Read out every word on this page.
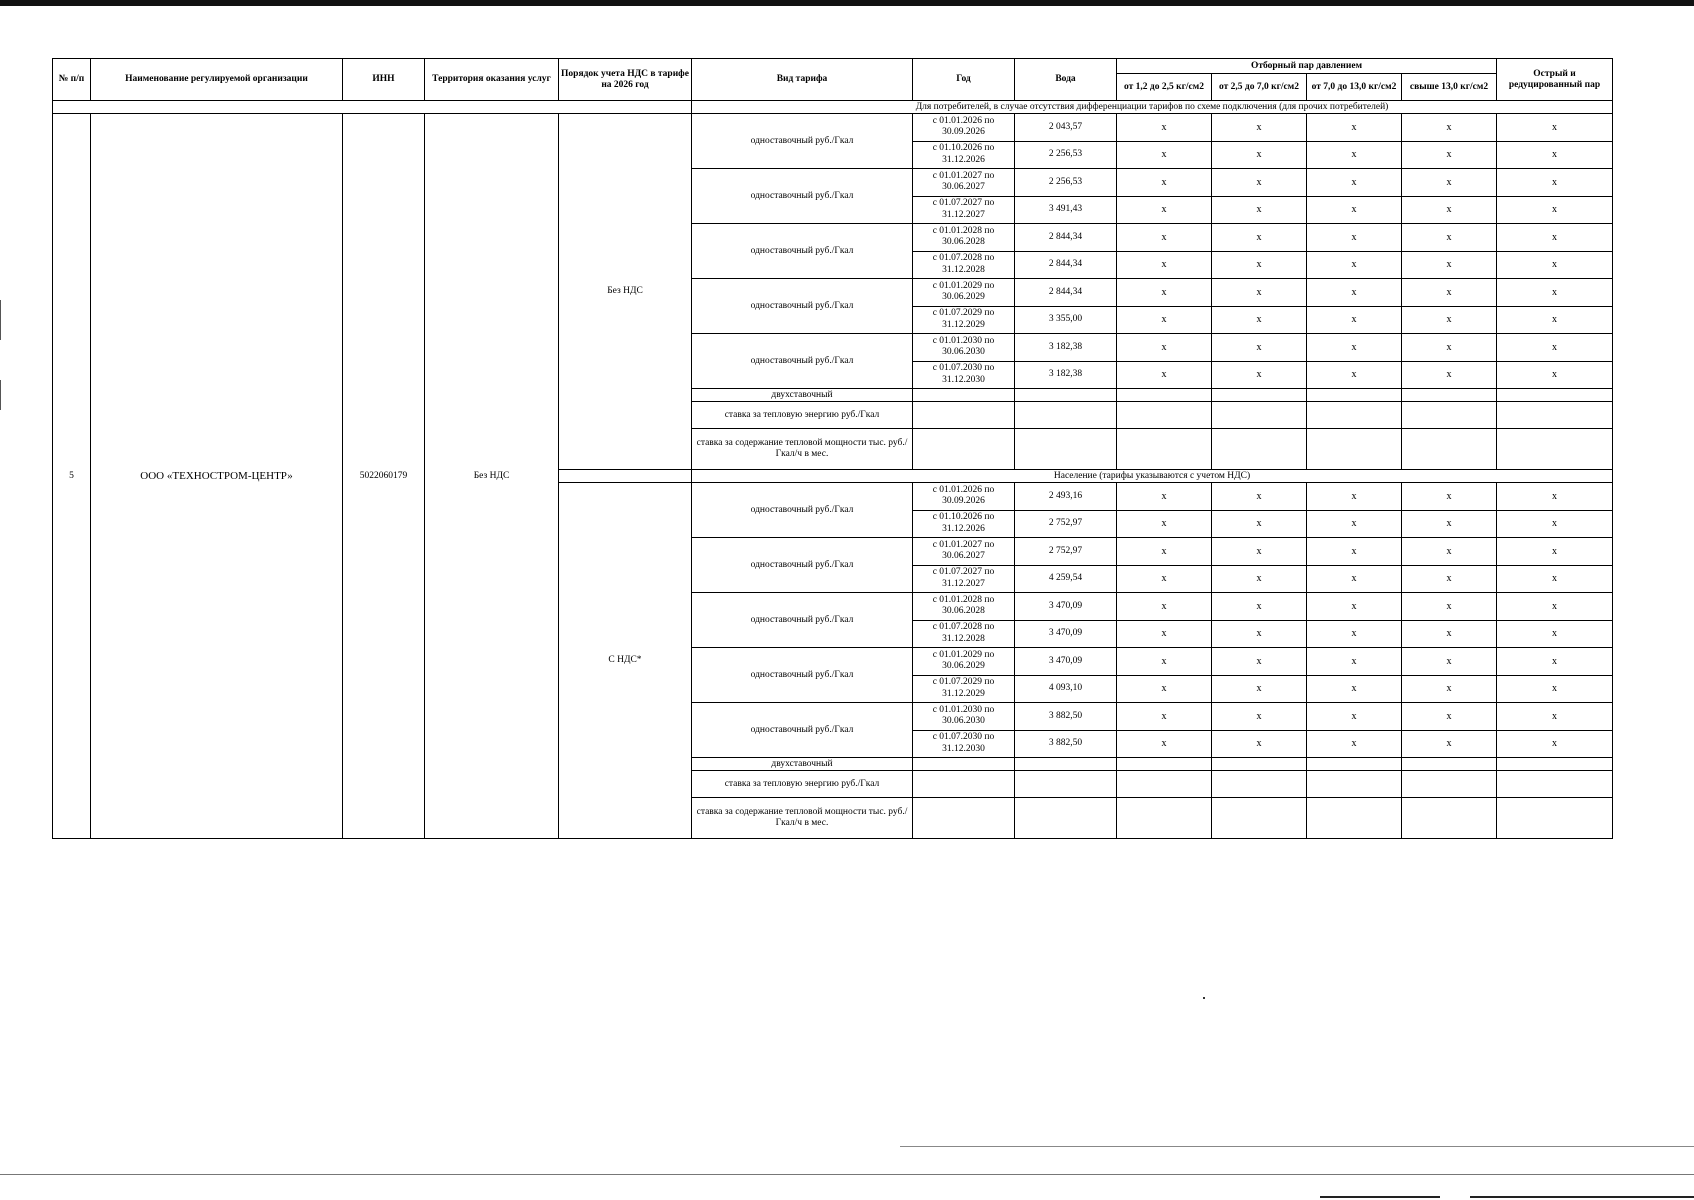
№ п/п	Наименование регулируемой организации	ИНН	Территория оказания услуг	Порядок учета НДС в тарифе на 2026 год	Вид тарифа	Год	Вода	Отборный пар давлением				Острый и редуцированный пар
								от 1,2 до 2,5 кг/см2	от 2,5 до 7,0 кг/см2	от 7,0 до 13,0 кг/см2	свыше 13,0 кг/см2	
					Для потребителей, в случае отсутствия дифференциации тарифов по схеме подключения (для прочих потребителей)							
5	ООО «ТЕХНОСТРОМ-ЦЕНТР»	5022060179	Без НДС	Без НДС	одноставочный руб./Гкал	с 01.01.2026 по 30.09.2026	2 043,57	x	x	x	x	x
						с 01.10.2026 по 31.12.2026	2 256,53	x	x	x	x	x
					одноставочный руб./Гкал	с 01.01.2027 по 30.06.2027	2 256,53	x	x	x	x	x
						с 01.07.2027 по 31.12.2027	3 491,43	x	x	x	x	x
					одноставочный руб./Гкал	с 01.01.2028 по 30.06.2028	2 844,34	x	x	x	x	x
						с 01.07.2028 по 31.12.2028	2 844,34	x	x	x	x	x
					одноставочный руб./Гкал	с 01.01.2029 по 30.06.2029	2 844,34	x	x	x	x	x
						с 01.07.2029 по 31.12.2029	3 355,00	x	x	x	x	x
					одноставочный руб./Гкал	с 01.01.2030 по 30.06.2030	3 182,38	x	x	x	x	x
						с 01.07.2030 по 31.12.2030	3 182,38	x	x	x	x	x
					двухставочный							
					ставка за тепловую энергию руб./Гкал							
					ставка за содержание тепловой мощности тыс. руб./Гкал/ч в мес.							
					Население (тарифы указываются с учетом НДС)							
				С НДС*	одноставочный руб./Гкал	с 01.01.2026 по 30.09.2026	2 493,16	x	x	x	x	x
						с 01.10.2026 по 31.12.2026	2 752,97	x	x	x	x	x
					одноставочный руб./Гкал	с 01.01.2027 по 30.06.2027	2 752,97	x	x	x	x	x
						с 01.07.2027 по 31.12.2027	4 259,54	x	x	x	x	x
					одноставочный руб./Гкал	с 01.01.2028 по 30.06.2028	3 470,09	x	x	x	x	x
						с 01.07.2028 по 31.12.2028	3 470,09	x	x	x	x	x
					одноставочный руб./Гкал	с 01.01.2029 по 30.06.2029	3 470,09	x	x	x	x	x
						с 01.07.2029 по 31.12.2029	4 093,10	x	x	x	x	x
					одноставочный руб./Гкал	с 01.01.2030 по 30.06.2030	3 882,50	x	x	x	x	x
						с 01.07.2030 по 31.12.2030	3 882,50	x	x	x	x	x
					двухставочный							
					ставка за тепловую энергию руб./Гкал							
					ставка за содержание тепловой мощности тыс. руб./Гкал/ч в мес.							
